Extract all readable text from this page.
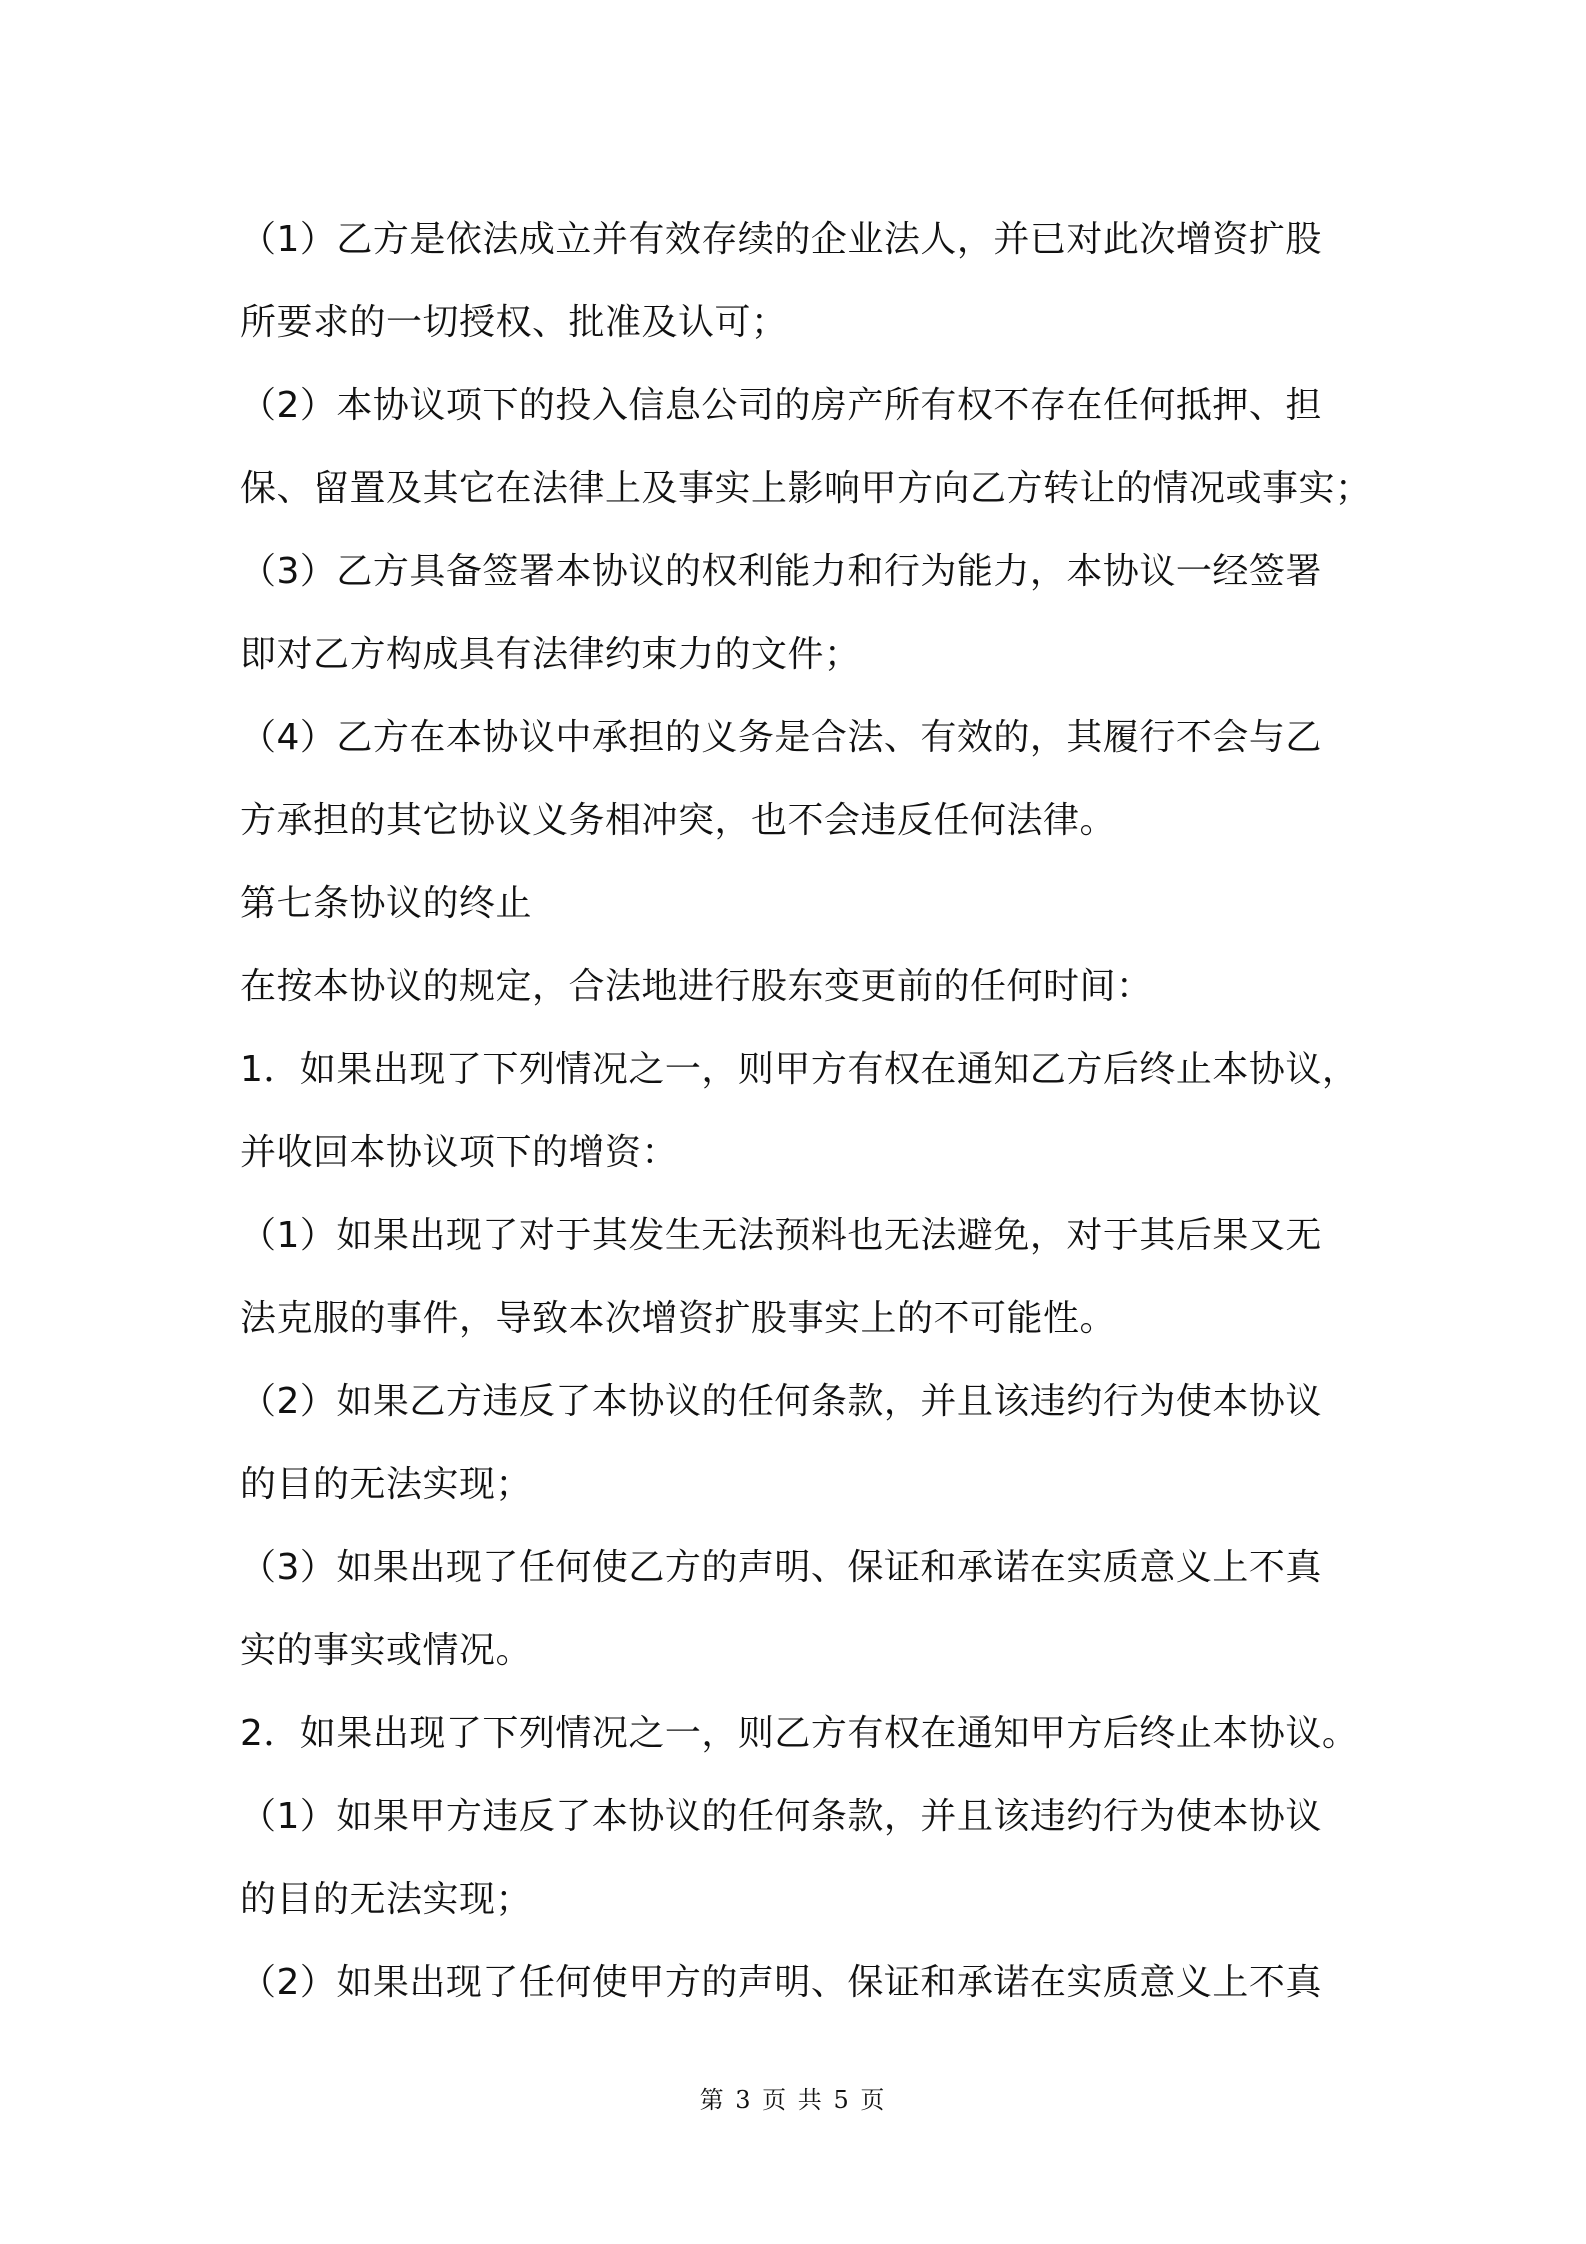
（1）乙方是依法成立并有效存续的企业法人，并已对此次增资扩股
所要求的一切授权、批准及认可；
（2）本协议项下的投入信息公司的房产所有权不存在任何抵押、担
保、留置及其它在法律上及事实上影响甲方向乙方转让的情况或事实；
（3）乙方具备签署本协议的权利能力和行为能力，本协议一经签署
即对乙方构成具有法律约束力的文件；
（4）乙方在本协议中承担的义务是合法、有效的，其履行不会与乙
方承担的其它协议义务相冲突，也不会违反任何法律。
第七条协议的终止
在按本协议的规定，合法地进行股东变更前的任何时间：
1．如果出现了下列情况之一，则甲方有权在通知乙方后终止本协议，
并收回本协议项下的增资：
（1）如果出现了对于其发生无法预料也无法避免，对于其后果又无
法克服的事件，导致本次增资扩股事实上的不可能性。
（2）如果乙方违反了本协议的任何条款，并且该违约行为使本协议
的目的无法实现；
（3）如果出现了任何使乙方的声明、保证和承诺在实质意义上不真
实的事实或情况。
2．如果出现了下列情况之一，则乙方有权在通知甲方后终止本协议。
（1）如果甲方违反了本协议的任何条款，并且该违约行为使本协议
的目的无法实现；
（2）如果出现了任何使甲方的声明、保证和承诺在实质意义上不真
第 3 页 共 5 页
